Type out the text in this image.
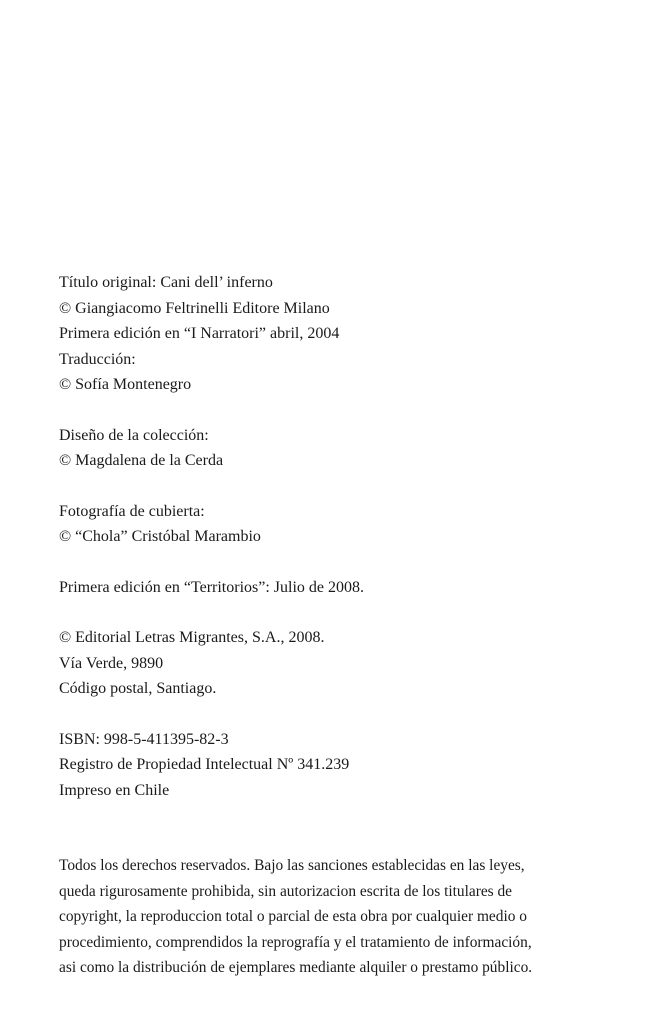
Título original: Cani dell’ inferno
© Giangiacomo Feltrinelli Editore Milano
Primera edición en “I Narratori” abril, 2004
Traducción:
© Sofía Montenegro
Diseño de la colección:
© Magdalena de la Cerda
Fotografía de cubierta:
© “Chola” Cristóbal Marambio
Primera edición en “Territorios”: Julio de 2008.
© Editorial Letras Migrantes, S.A., 2008.
Vía Verde, 9890
Código postal, Santiago.
ISBN: 998-5-411395-82-3
Registro de Propiedad Intelectual Nº 341.239
Impreso en Chile
Todos los derechos reservados. Bajo las sanciones establecidas en las leyes,
queda rigurosamente prohibida, sin autorizacion escrita de los titulares de
copyright, la reproduccion total o parcial de esta obra por cualquier medio o
procedimiento, comprendidos la reprografía y el tratamiento de información,
asi como la distribución de ejemplares mediante alquiler o prestamo público.
